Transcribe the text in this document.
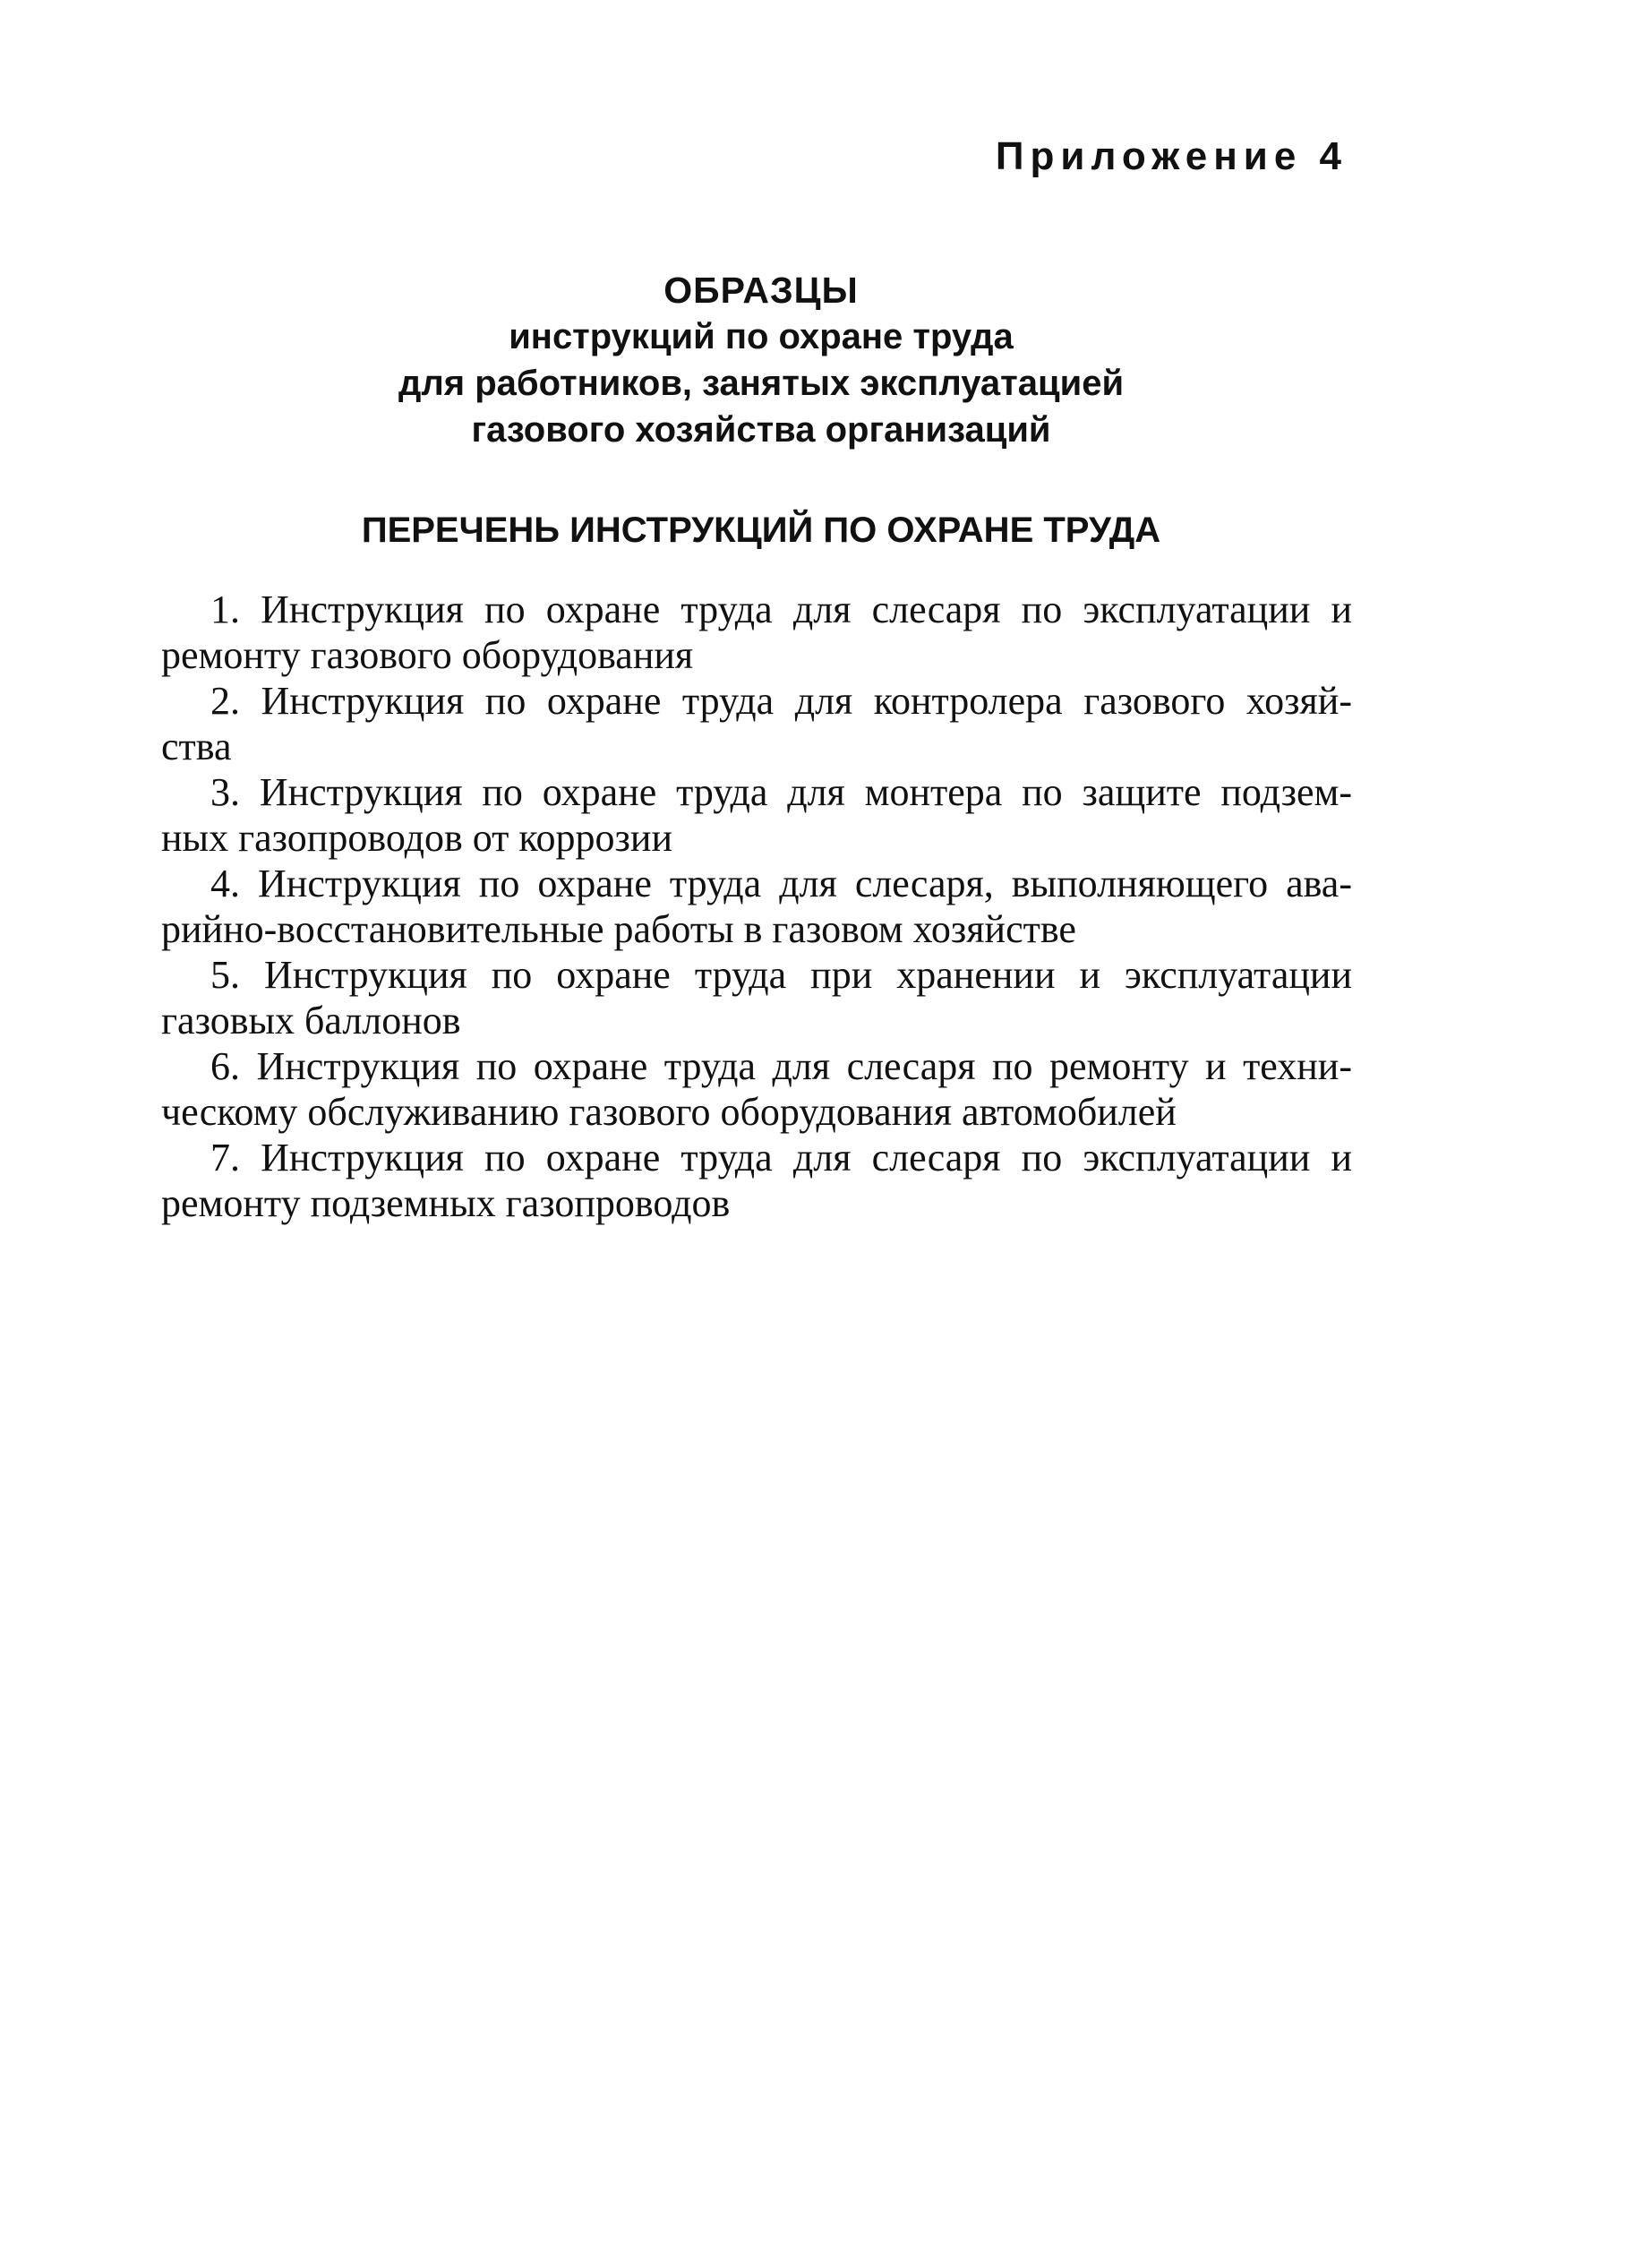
Приложение 4
ОБРАЗЦЫ
инструкций по охране труда
для работников, занятых эксплуатацией
газового хозяйства организаций
ПЕРЕЧЕНЬ ИНСТРУКЦИЙ ПО ОХРАНЕ ТРУДА
1. Инструкция по охране труда для слесаря по эксплуатации и
ремонту газового оборудования
2. Инструкция по охране труда для контролера газового хозяй-
ства
3. Инструкция по охране труда для монтера по защите подзем-
ных газопроводов от коррозии
4. Инструкция по охране труда для слесаря, выполняющего ава-
рийно-восстановительные работы в газовом хозяйстве
5. Инструкция по охране труда при хранении и эксплуатации
газовых баллонов
6. Инструкция по охране труда для слесаря по ремонту и техни-
ческому обслуживанию газового оборудования автомобилей
7. Инструкция по охране труда для слесаря по эксплуатации и
ремонту подземных газопроводов
